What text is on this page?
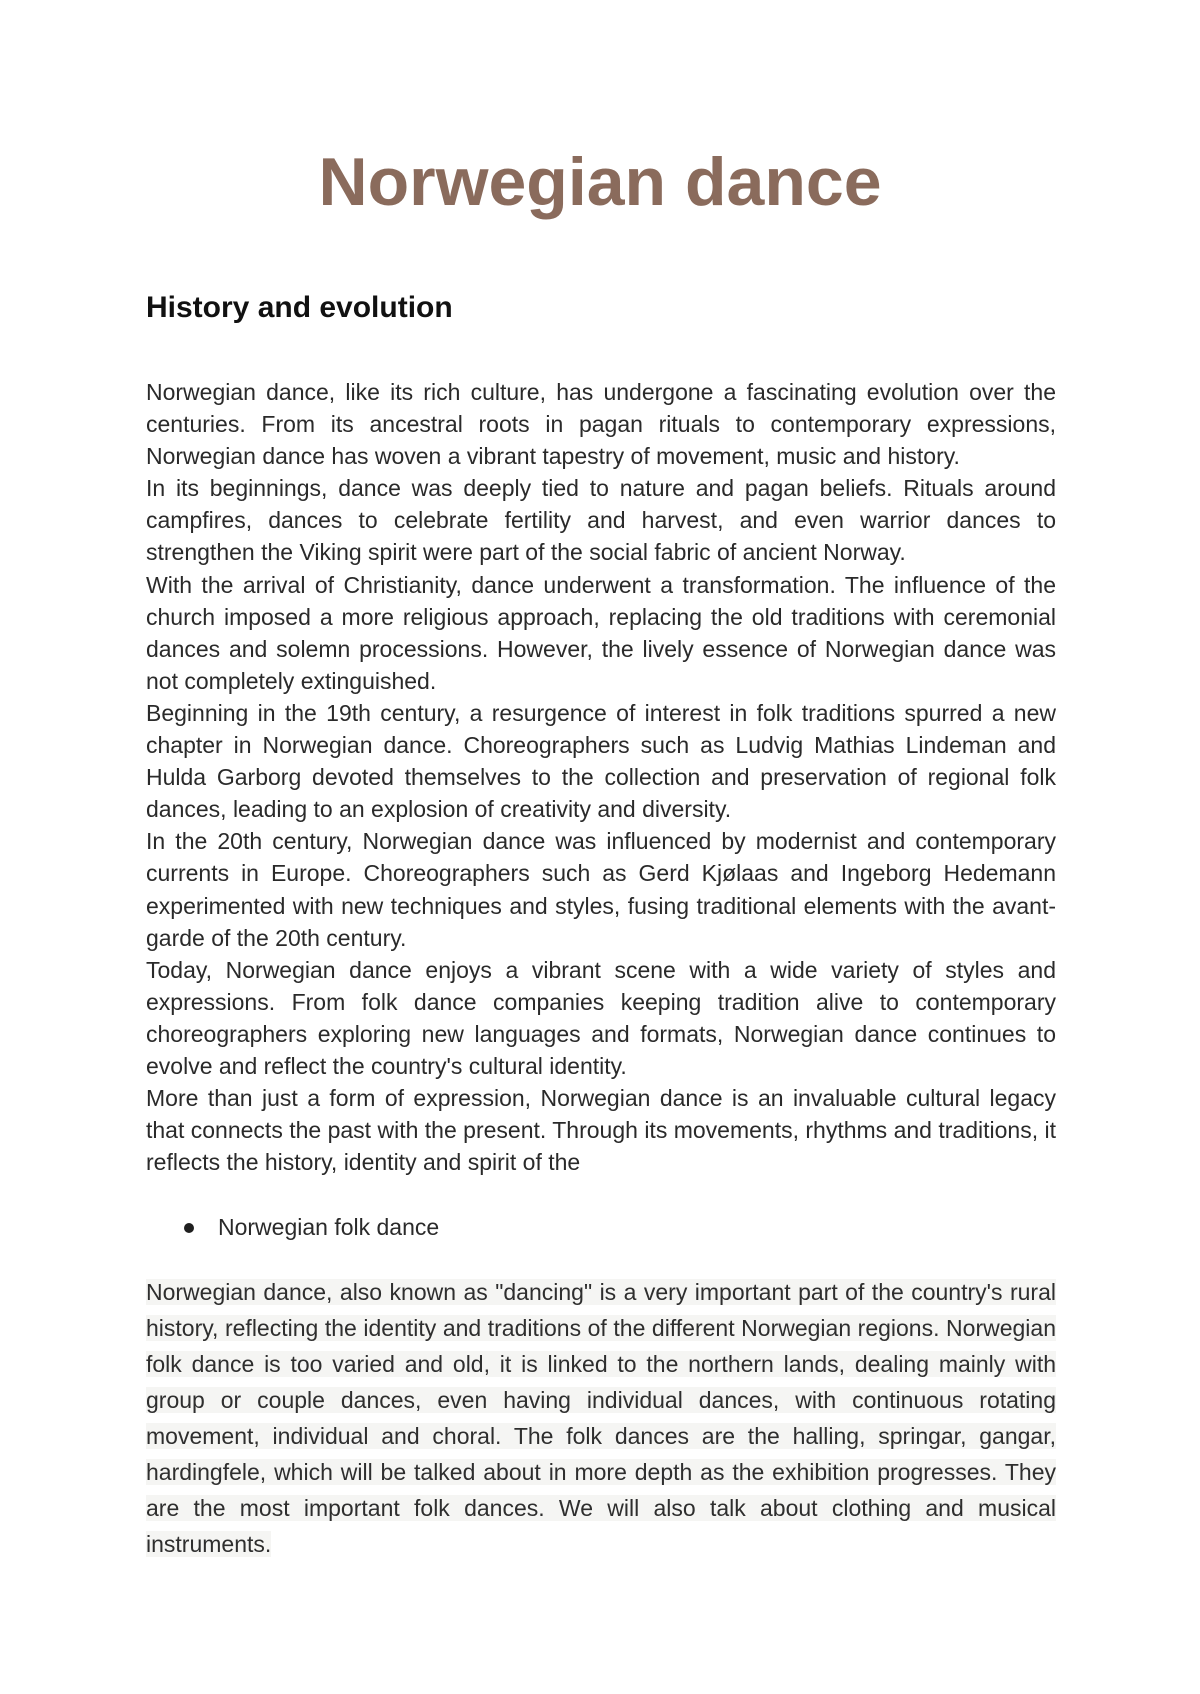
Norwegian dance
History and evolution

Norwegian dance, like its rich culture, has undergone a fascinating evolution over the centuries. From its ancestral roots in pagan rituals to contemporary expressions, Norwegian dance has woven a vibrant tapestry of movement, music and history.

In its beginnings, dance was deeply tied to nature and pagan beliefs. Rituals around campfires, dances to celebrate fertility and harvest, and even warrior dances to strengthen the Viking spirit were part of the social fabric of ancient Norway.

With the arrival of Christianity, dance underwent a transformation. The influence of the church imposed a more religious approach, replacing the old traditions with ceremonial dances and solemn processions. However, the lively essence of Norwegian dance was not completely extinguished.

Beginning in the 19th century, a resurgence of interest in folk traditions spurred a new chapter in Norwegian dance. Choreographers such as Ludvig Mathias Lindeman and Hulda Garborg devoted themselves to the collection and preservation of regional folk dances, leading to an explosion of creativity and diversity.

In the 20th century, Norwegian dance was influenced by modernist and contemporary currents in Europe. Choreographers such as Gerd Kjølaas and Ingeborg Hedemann experimented with new techniques and styles, fusing traditional elements with the avant-garde of the 20th century.

Today, Norwegian dance enjoys a vibrant scene with a wide variety of styles and expressions. From folk dance companies keeping tradition alive to contemporary choreographers exploring new languages and formats, Norwegian dance continues to evolve and reflect the country's cultural identity.

More than just a form of expression, Norwegian dance is an invaluable cultural legacy that connects the past with the present. Through its movements, rhythms and traditions, it reflects the history, identity and spirit of the

Norwegian folk dance

Norwegian dance, also known as "dancing" is a very important part of the country's rural history, reflecting the identity and traditions of the different Norwegian regions. Norwegian folk dance is too varied and old, it is linked to the northern lands, dealing mainly with group or couple dances, even having individual dances, with continuous rotating movement, individual and choral. The folk dances are the halling, springar, gangar, hardingfele, which will be talked about in more depth as the exhibition progresses. They are the most important folk dances. We will also talk about clothing and musical instruments.
